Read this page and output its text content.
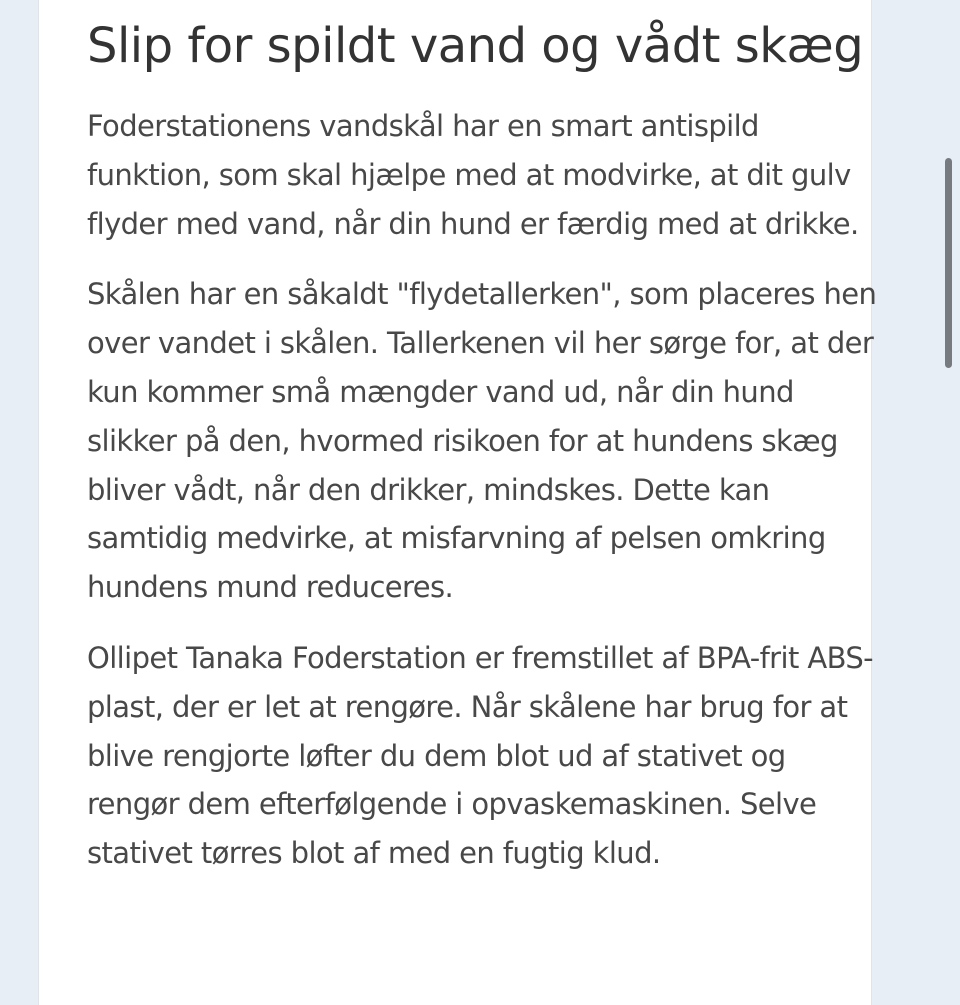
Slip for spildt vand og vådt skæg

Foderstationens vandskål har en smart antispild funktion, som skal hjælpe med at modvirke, at dit gulv flyder med vand, når din hund er færdig med at drikke.

Skålen har en såkaldt "flydetallerken", som placeres hen over vandet i skålen. Tallerkenen vil her sørge for, at der kun kommer små mængder vand ud, når din hund slikker på den, hvormed risikoen for at hundens skæg bliver vådt, når den drikker, mindskes. Dette kan samtidig medvirke, at misfarvning af pelsen omkring hundens mund reduceres.

Ollipet Tanaka Foderstation er fremstillet af BPA-frit ABS-plast, der er let at rengøre. Når skålene har brug for at blive rengjorte løfter du dem blot ud af stativet og rengør dem efterfølgende i opvaskemaskinen. Selve stativet tørres blot af med en fugtig klud.
